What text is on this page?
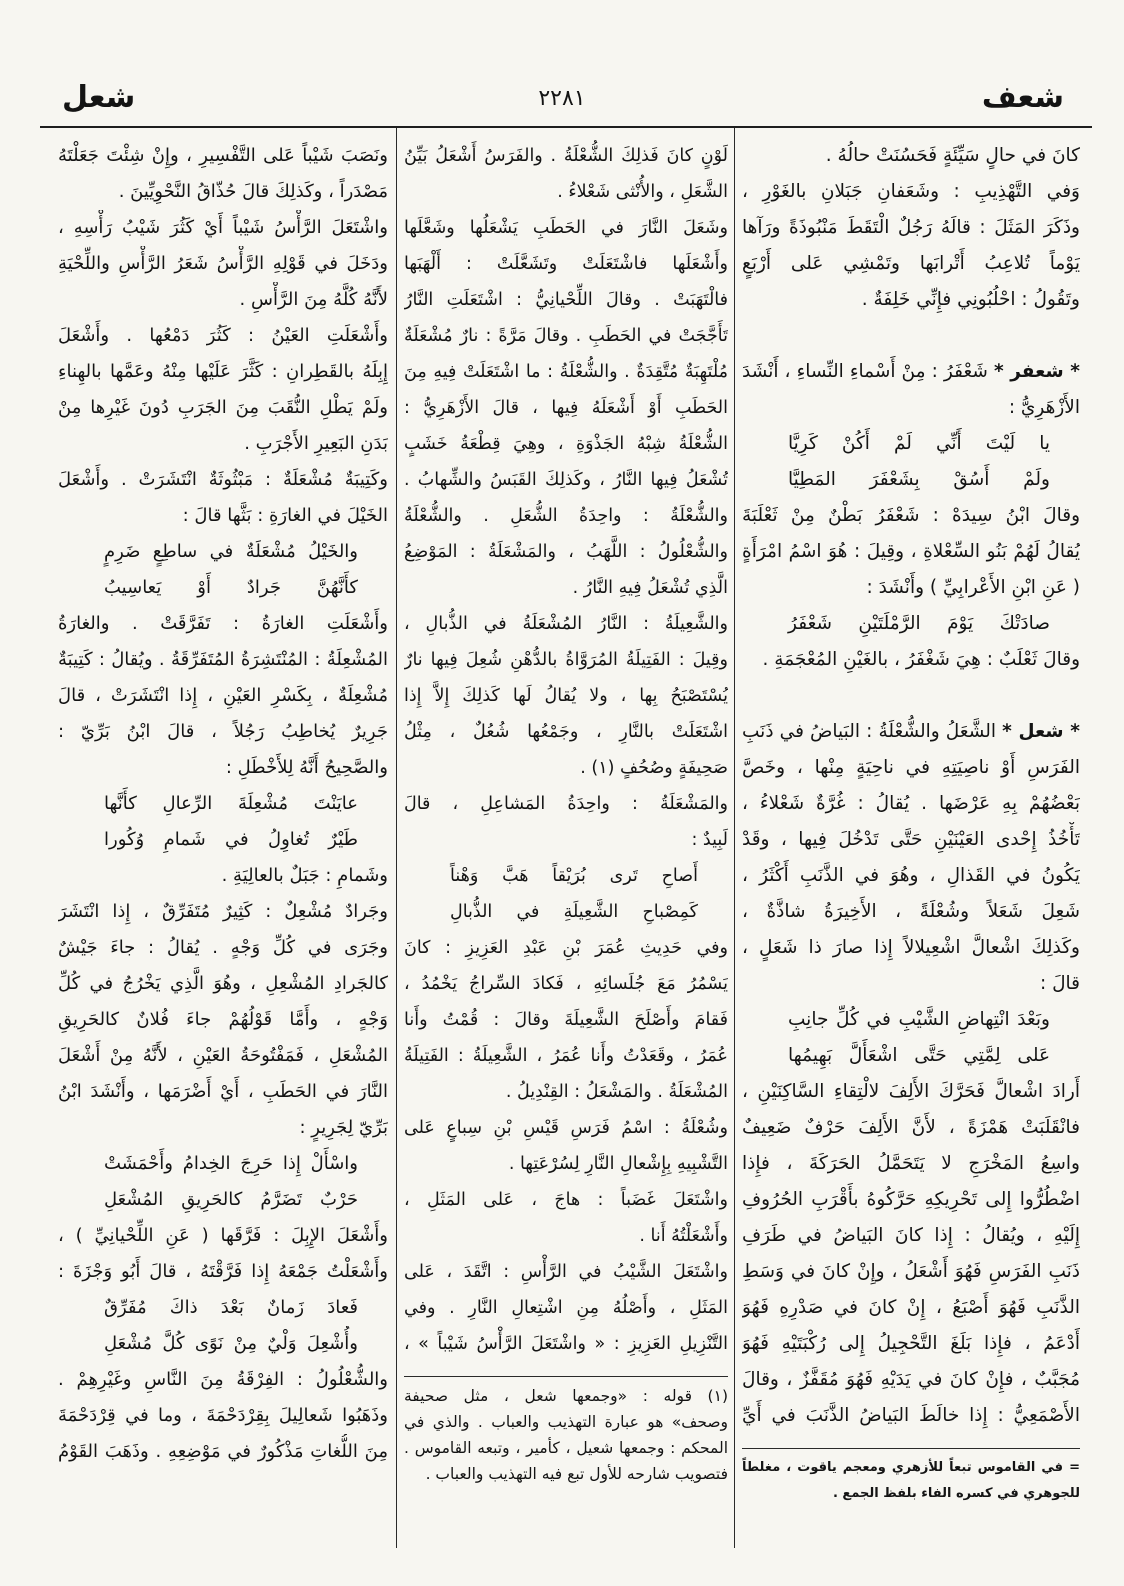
شعف
٢٢٨١
شعل
كانَ في حالٍ سَيِّئَةٍ فَحَسُنَتْ حالُهُ .
وَفي التَّهْذِيبِ : وشَعَفانِ جَبَلانِ بالغَوْرِ ،
وذَكَرَ المَثَلَ : قالَهُ رَجُلٌ الْتَقَطَ مَنْبُوذَةً ورَآها
يَوْماً تُلاعِبُ أَتْرابَها وتَمْشِي عَلى أَرْبَعٍ
وتَقُولُ : احْلُبُونِي فإِنِّي خَلِفَةٌ .
* شعفر * شَعْفَرُ : مِنْ أَسْماءِ النِّساءِ ، أَنْشَدَ
الأَزْهَرِيُّ :
يا لَيْتَ أَنِّي لَمْ أَكُنْ كَرِيَّا
ولَمْ أَسُقْ بِشَعْفَرَ المَطِيَّا
وقالَ ابْنُ سِيدَهْ : شَعْفَرُ بَطْنٌ مِنْ ثَعْلَبَةَ
يُقالُ لَهُمْ بَنُو السِّعْلاةِ ، وقِيلَ : هُوَ اسْمُ امْرَأَةٍ
( عَنِ ابْنِ الأَعْرابِيِّ ) وأَنْشَدَ :
صادَتْكَ يَوْمَ الرَّمْلَتَيْنِ شَعْفَرُ
وقالَ ثَعْلَبٌ : هِيَ شَغْفَرُ ، بالغَيْنِ المُعْجَمَةِ .
* شعل * الشَّعَلُ والشُّعْلَةُ : البَياضُ في ذَنَبِ
الفَرَسِ أَوْ ناصِيَتِهِ في ناحِيَةٍ مِنْها ، وخَصَّ
بَعْضُهُمْ بِهِ عَرْضَها . يُقالُ : غُرَّةٌ شَعْلاءُ ،
تَأْخُذُ إِحْدى العَيْنَيْنِ حَتَّى تَدْخُلَ فِيها ، وقَدْ
يَكُونُ في القَذالِ ، وهُوَ في الذَّنَبِ أَكْثَرُ ،
شَعِلَ شَعَلاً وشُعْلَةً ، الأَخِيرَةُ شاذَّةٌ ،
وكَذلِكَ اشْعالَّ اشْعِيلالاً إِذا صارَ ذا شَعَلٍ ،
قالَ :
وبَعْدَ انْتِهاضِ الشَّيْبِ في كُلِّ جانِبِ
عَلى لِمَّتِي حَتَّى اشْعَأَلَّ بَهِيمُها
أَرادَ اشْعالَّ فَحَرَّكَ الأَلِفَ لالْتِقاءِ السَّاكِنَيْنِ ،
فانْقَلَبَتْ هَمْزَةً ، لأَنَّ الأَلِفَ حَرْفٌ ضَعِيفٌ
واسِعُ المَخْرَجِ لا يَتَحَمَّلُ الحَرَكَةَ ، فإِذا
اضْطُرُّوا إِلى تَحْرِيكِهِ حَرَّكُوهُ بأَقْرَبِ الحُرُوفِ
إِلَيْهِ ، ويُقالُ : إِذا كانَ البَياضُ في طَرَفِ
ذَنَبِ الفَرَسِ فَهُوَ أَشْعَلُ ، وإِنْ كانَ في وَسَطِ
الذَّنَبِ فَهُوَ أَصْبَعُ ، إِنْ كانَ في صَدْرِهِ فَهُوَ
أَدْعَمُ ، فإِذا بَلَغَ التَّحْجِيلُ إِلى رُكْبَتَيْهِ فَهُوَ
مُجَبَّبٌ ، فإِنْ كانَ في يَدَيْهِ فَهُوَ مُقَفَّزٌ ، وقالَ
الأَصْمَعِيُّ : إِذا خالَطَ البَياضُ الذَّنَبَ في أَيِّ
= في القاموس تبعاً للأزهري ومعجم ياقوت ، مغلطاً
للجوهري في كسره الفاء بلفظ الجمع .
لَوْنٍ كانَ فَذلِكَ الشُّعْلَةُ . والفَرَسُ أَشْعَلُ بَيِّنُ
الشَّعَلِ ، والأُنْثى شَعْلاءُ .
وشَعَلَ النَّارَ في الحَطَبِ يَشْعَلُها وشَعَّلَها
وأَشْعَلَها فاشْتَعَلَتْ وتَشَعَّلَتْ : أَلْهَبَها
فالْتَهَبَتْ . وقالَ اللِّحْيانِيُّ : اشْتَعَلَتِ النَّارُ
تَأَجَّجَتْ في الحَطَبِ . وقالَ مَرَّةً : نارٌ مُشْعَلَةٌ
مُلْتَهِبَةٌ مُتَّقِدَةٌ . والشُّعْلَةُ : ما اشْتَعَلَتْ فِيهِ مِنَ
الحَطَبِ أَوْ أَشْعَلَهُ فِيها ، قالَ الأَزْهَرِيُّ :
الشُّعْلَةُ شِبْهُ الجَذْوَةِ ، وهِيَ قِطْعَةُ خَشَبٍ
تُشْعَلُ فِيها النَّارُ ، وكَذلِكَ القَبَسُ والشِّهابُ .
والشُّعْلَةُ : واحِدَةُ الشُّعَلِ . والشُّعْلَةُ
والشُّعْلُولُ : اللَّهَبُ ، والمَشْعَلَةُ : المَوْضِعُ
الَّذِي تُشْعَلُ فِيهِ النَّارُ .
والشَّعِيلَةُ : النَّارُ المُشْعَلَةُ في الذُّبالِ ،
وقِيلَ : الفَتِيلَةُ المُرَوَّاةُ بالدُّهْنِ شُعِلَ فِيها نارٌ
يُسْتَصْبَحُ بِها ، ولا يُقالُ لَها كَذلِكَ إِلاَّ إِذا
اشْتَعَلَتْ بالنَّارِ ، وجَمْعُها شُعُلٌ ، مِثْلُ
صَحِيفَةٍ وصُحُفٍ (١) .
والمَشْعَلَةُ : واحِدَةُ المَشاعِلِ ، قالَ
لَبِيدٌ :
أَصاحِ تَرى بُرَيْقاً هَبَّ وَهْناً
كَمِصْباحِ الشَّعِيلَةِ في الذُّبالِ
وفي حَدِيثِ عُمَرَ بْنِ عَبْدِ العَزِيزِ : كانَ
يَسْمُرُ مَعَ جُلَسائِهِ ، فَكادَ السِّراجُ يَخْمُدُ ،
فَقامَ وأَصْلَحَ الشَّعِيلَةَ وقالَ : قُمْتُ وأَنا
عُمَرُ ، وقَعَدْتُ وأَنا عُمَرُ ، الشَّعِيلَةُ : الفَتِيلَةُ
المُشْعَلَةُ . والمَشْعَلُ : القِنْدِيلُ .
وشُعْلَةُ : اسْمُ فَرَسِ قَيْسِ بْنِ سِباعٍ عَلى
التَّشْبِيهِ بِإِشْعالِ النَّارِ لِسُرْعَتِها .
واشْتَعَلَ غَضَباً : هاجَ ، عَلى المَثَلِ ،
وأَشْعَلْتُهُ أَنا .
واشْتَعَلَ الشَّيْبُ في الرَّأْسِ : اتَّقَدَ ، عَلى
المَثَلِ ، وأَصْلُهُ مِنِ اشْتِعالِ النَّارِ . وفي
التَّنْزِيلِ العَزِيزِ : « واشْتَعَلَ الرَّأْسُ شَيْباً » ،
(١) قوله : «وجمعها شعل ، مثل صحيفة
وصحف» هو عبارة التهذيب والعباب . والذي في
المحكم : وجمعها شعيل ، كأمير ، وتبعه القاموس .
فتصويب شارحه للأول تبع فيه التهذيب والعباب .
ونَصَبَ شَيْباً عَلى التَّفْسِيرِ ، وإِنْ شِئْتَ جَعَلْتَهُ
مَصْدَراً ، وكَذلِكَ قالَ حُذّاقُ النَّحْوِيِّينَ .
واشْتَعَلَ الرَّأْسُ شَيْباً أَيْ كَثُرَ شَيْبُ رَأْسِهِ ،
ودَخَلَ في قَوْلِهِ الرَّأْسُ شَعَرُ الرَّأْسِ واللِّحْيَةِ
لأَنَّهُ كُلَّهُ مِنَ الرَّأْسِ .
وأَشْعَلَتِ العَيْنُ : كَثُرَ دَمْعُها . وأَشْعَلَ
إِبِلَهُ بالقَطِرانِ : كَثَّرَ عَلَيْها مِنْهُ وعَمَّها بالهِناءِ
ولَمْ يَطْلِ النُّقَبَ مِنَ الجَرَبِ دُونَ غَيْرِها مِنْ
بَدَنِ البَعِيرِ الأَجْرَبِ .
وكَتِيبَةٌ مُشْعَلَةٌ : مَبْثُوثَةٌ انْتَشَرَتْ . وأَشْعَلَ
الخَيْلَ في الغارَةِ : بَثَّها قالَ :
والخَيْلُ مُشْعَلَةٌ في ساطِعٍ ضَرِمٍ
كأَنَّهُنَّ جَرادٌ أَوْ يَعاسِيبُ
وأَشْعَلَتِ الغارَةُ : تَفَرَّقَتْ . والغارَةُ
المُشْعِلَةُ : المُنْتَشِرَةُ المُتَفَرِّقَةُ . ويُقالُ : كَتِيبَةٌ
مُشْعِلَةٌ ، بِكَسْرِ العَيْنِ ، إِذا انْتَشَرَتْ ، قالَ
جَرِيرٌ يُخاطِبُ رَجُلاً ، قالَ ابْنُ بَرِّيّ :
والصَّحِيحُ أَنَّهُ لِلأَخْطَلِ :
عايَنْتَ مُشْعِلَةَ الرِّعالِ كأَنَّها
طَيْرٌ تُغاوِلُ في شَمامِ وُكُورا
وشَمامِ : جَبَلٌ بالعالِيَةِ .
وجَرادٌ مُشْعِلٌ : كَثِيرٌ مُتَفَرِّقٌ ، إِذا انْتَشَرَ
وجَرَى في كُلِّ وَجْهٍ . يُقالُ : جاءَ جَيْشٌ
كالجَرادِ المُشْعِلِ ، وهُوَ الَّذِي يَخْرُجُ في كُلِّ
وَجْهٍ ، وأَمَّا قَوْلُهُمْ جاءَ فُلانٌ كالحَرِيقِ
المُشْعَلِ ، فَمَفْتُوحَةُ العَيْنِ ، لأَنَّهُ مِنْ أَشْعَلَ
النَّارَ في الحَطَبِ ، أَيْ أَضْرَمَها ، وأَنْشَدَ ابْنُ
بَرِّيّ لِجَرِيرٍ :
واسْأَلْ إِذا حَرِجَ الخِدامُ وأَحْمَشَتْ
حَرْبٌ تَضَرَّمُ كالحَرِيقِ المُشْعَلِ
وأَشْعَلَ الإِبِلَ : فَرَّقَها ( عَنِ اللِّحْيانِيِّ ) ،
وأَشْعَلْتُ جَمْعَهُ إِذا فَرَّقْتَهُ ، قالَ أَبُو وَجْزَةَ :
فَعادَ زَمانٌ بَعْدَ ذاكَ مُفَرِّقٌ
وأُشْعِلَ وَلْيٌ مِنْ نَوًى كُلَّ مُشْعَلِ
والشُّعْلُولُ : الفِرْقَةُ مِنَ النَّاسِ وغَيْرِهِمْ .
وذَهَبُوا شَعالِيلَ بِقِرْدَحْمَةَ ، وما في قِرْدَحْمَةَ
مِنَ اللُّغاتِ مَذْكُورٌ في مَوْضِعِهِ . وذَهَبَ القَوْمُ
